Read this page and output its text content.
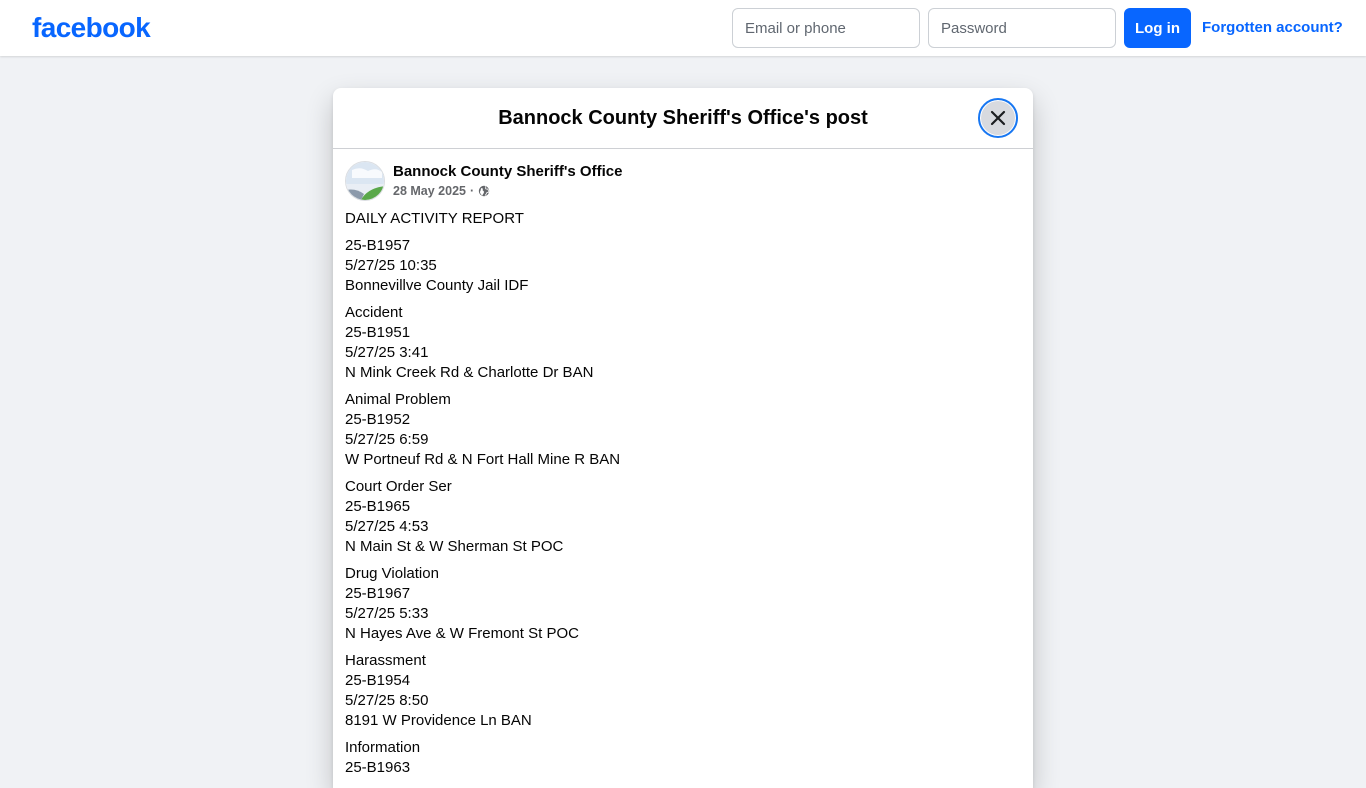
facebook
Email or phone	Log in	Forgotten account?
Bannock County Sheriff's Office's post
Bannock County Sheriff's Office
28 May 2025 ·
DAILY ACTIVITY REPORT
25-B1957
5/27/25 10:35
Bonnevillve County Jail IDF
Accident
25-B1951
5/27/25 3:41
N Mink Creek Rd & Charlotte Dr BAN
Animal Problem
25-B1952
5/27/25 6:59
W Portneuf Rd & N Fort Hall Mine R BAN
Court Order Ser
25-B1965
5/27/25 4:53
N Main St & W Sherman St POC
Drug Violation
25-B1967
5/27/25 5:33
N Hayes Ave & W Fremont St POC
Harassment
25-B1954
5/27/25 8:50
8191 W Providence Ln BAN
Information
25-B1963
